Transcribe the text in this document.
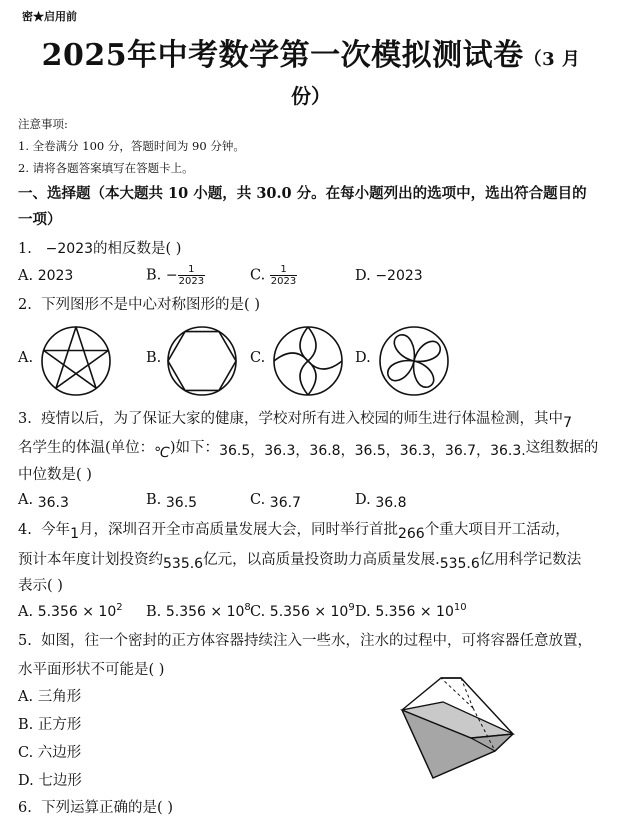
密★启用前
2025年中考数学第一次模拟测试卷（3 月
份）
注意事项:
1. 全卷满分 100 分，答题时间为 90 分钟。
2. 请将各题答案填写在答题卡上。
一、选择题（本大题共 10 小题，共 30.0 分。在每小题列出的选项中，选出符合题目的
一项）
1. −2023的相反数是( )
A. 2023	B. − $\frac{1}{2023}$	C. $\frac{1}{2023}$	D. −2023
2. 下列图形不是中心对称图形的是( )
A.	B.	C.	D.
3. 疫情以后，为了保证大家的健康，学校对所有进入校园的师生进行体温检测，其中7
名学生的体温(单位：℃)如下：36.5，36.3，36.8，36.5，36.3，36.7，36.3.这组数据的
中位数是( )
A. 36.3	B. 36.5	C. 36.7	D. 36.8
4. 今年1月，深圳召开全市高质量发展大会，同时举行首批266个重大项目开工活动，
预计本年度计划投资约535.6亿元，以高质量投资助力高质量发展.535.6亿用科学记数法
表示( )
A. $5.356 \times 10^2$ B. $5.356 \times 10^8$ C. $5.356 \times 10^9$ D. $5.356 \times 10^{10}$
5. 如图，往一个密封的正方体容器持续注入一些水，注水的过程中，可将容器任意放置，
水平面形状不可能是( )
A. 三角形
B. 正方形
C. 六边形
D. 七边形
6. 下列运算正确的是( )
